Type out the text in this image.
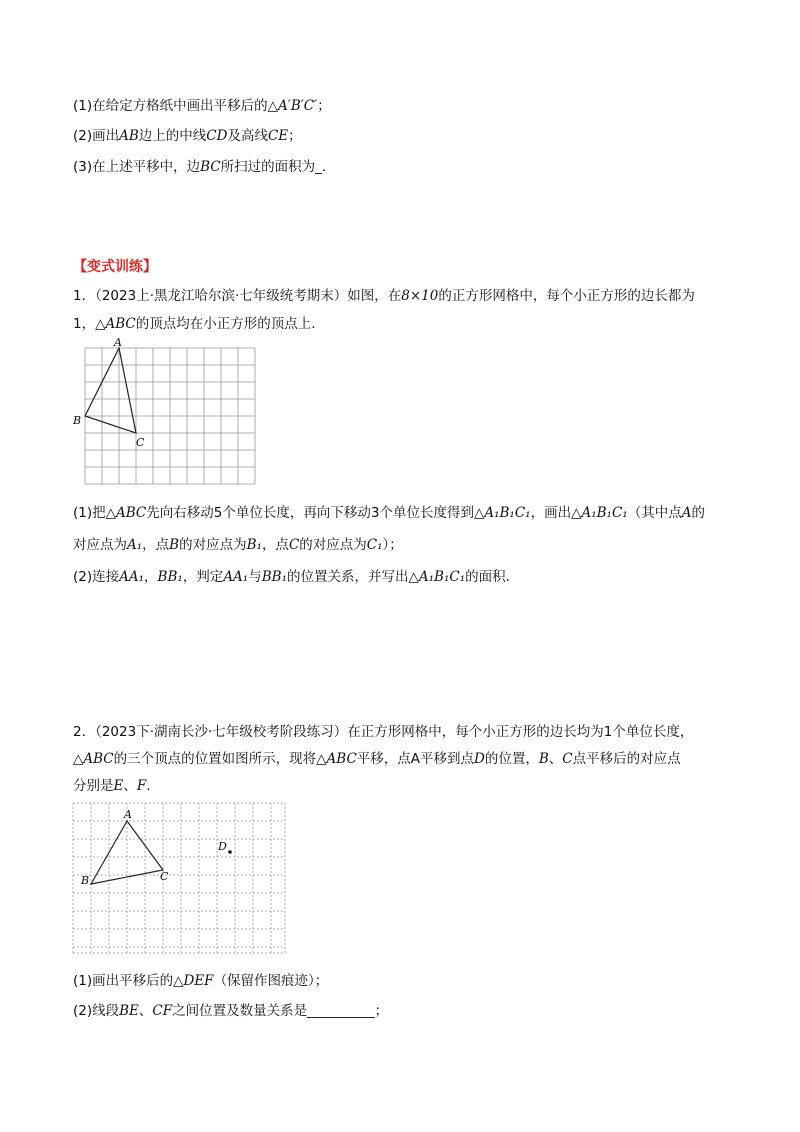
(1)在给定方格纸中画出平移后的△A′B′C′；
(2)画出AB边上的中线CD及高线CE；
(3)在上述平移中，边BC所扫过的面积为_.
【变式训练】
1．（2023上·黑龙江哈尔滨·七年级统考期末）如图，在8×10的正方形网格中，每个小正方形的边长都为
1，△ABC的顶点均在小正方形的顶点上.
A
B
C
(1)把△ABC先向右移动5个单位长度，再向下移动3个单位长度得到△A₁B₁C₁，画出△A₁B₁C₁（其中点A的
对应点为A₁，点B的对应点为B₁，点C的对应点为C₁）；
(2)连接AA₁，BB₁，判定AA₁与BB₁的位置关系，并写出△A₁B₁C₁的面积.
2．（2023下·湖南长沙·七年级校考阶段练习）在正方形网格中，每个小正方形的边长均为1个单位长度，
△ABC的三个顶点的位置如图所示，现将△ABC平移，点A平移到点D的位置，B、C点平移后的对应点
分别是E、F.
A
B	C
D
(1)画出平移后的△DEF（保留作图痕迹）；
(2)线段BE、CF之间位置及数量关系是__________；
